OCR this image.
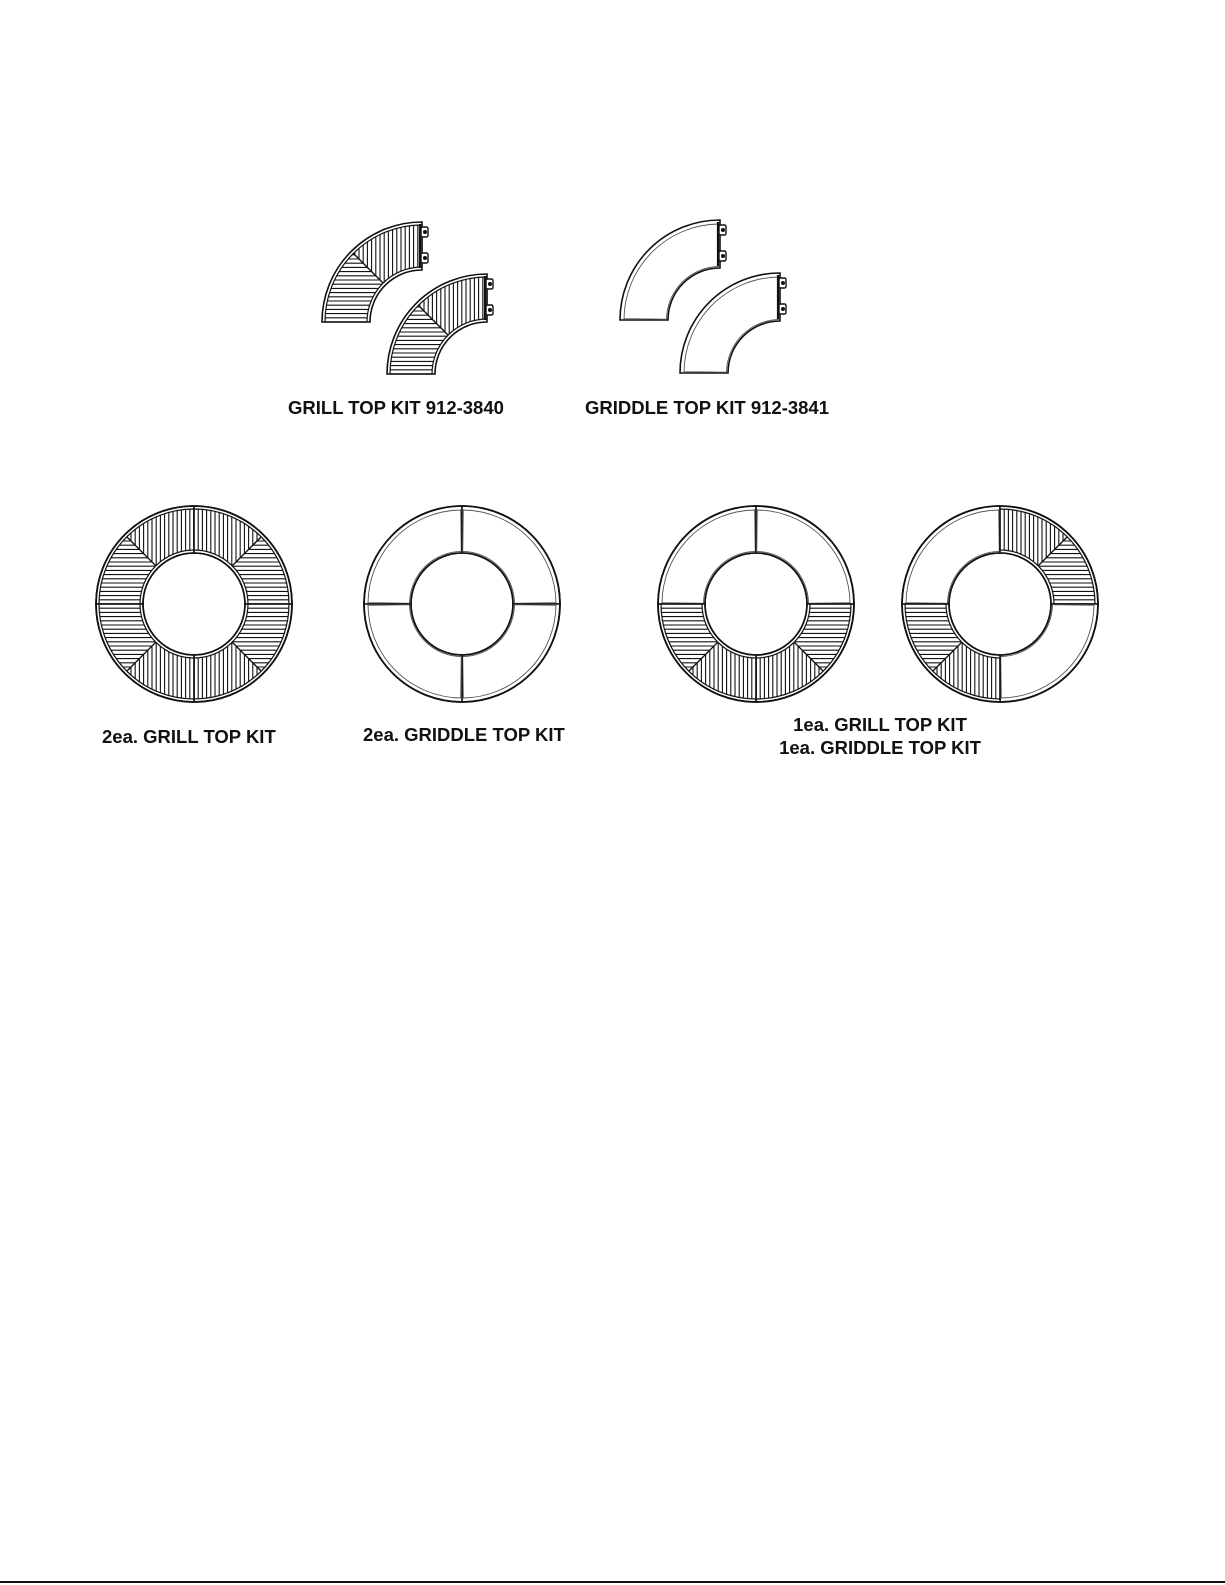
GRILL TOP KIT 912-3840	GRIDDLE TOP KIT 912-3841
2ea. GRILL TOP KIT	2ea. GRIDDLE TOP KIT	1ea. GRILL TOP KIT
1ea. GRIDDLE TOP KIT
